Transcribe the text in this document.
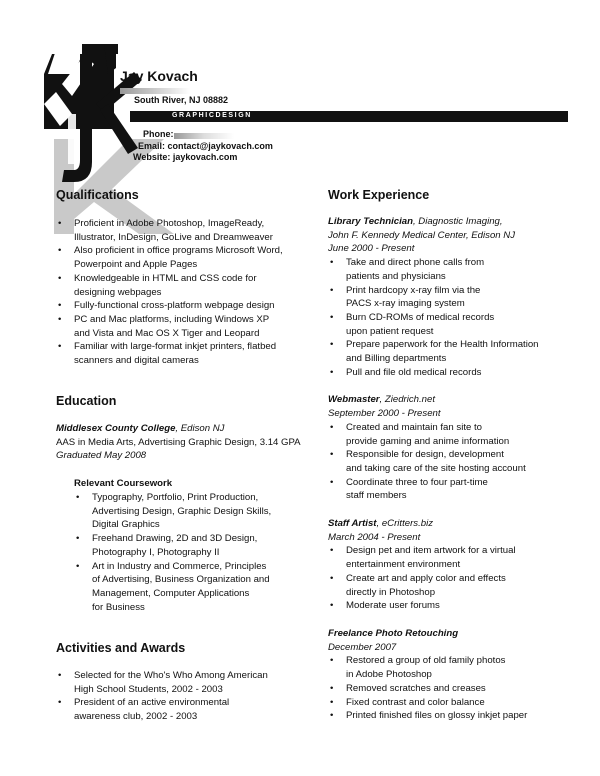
Jay Kovach
South River, NJ 08882
GRAPHICDESIGN
Phone:
Email: contact@jaykovach.com
Website: jaykovach.com
Qualifications
• Proficient in Adobe Photoshop, ImageReady,
Illustrator, InDesign, GoLive and Dreamweaver
• Also proficient in office programs Microsoft Word,
Powerpoint and Apple Pages
• Knowledgeable in HTML and CSS code for
designing webpages
• Fully-functional cross-platform webpage design
• PC and Mac platforms, including Windows XP
and Vista and Mac OS X Tiger and Leopard
• Familiar with large-format inkjet printers, flatbed
scanners and digital cameras
Education
Middlesex County College, Edison NJ
AAS in Media Arts, Advertising Graphic Design, 3.14 GPA
Graduated May 2008
Relevant Coursework
• Typography, Portfolio, Print Production,
Advertising Design, Graphic Design Skills,
Digital Graphics
• Freehand Drawing, 2D and 3D Design,
Photography I, Photography II
• Art in Industry and Commerce, Principles
of Advertising, Business Organization and
Management, Computer Applications
for Business
Activities and Awards
• Selected for the Who's Who Among American
High School Students, 2002 - 2003
• President of an active environmental
awareness club, 2002 - 2003
Work Experience
Library Technician, Diagnostic Imaging,
John F. Kennedy Medical Center, Edison NJ
June 2000 - Present
• Take and direct phone calls from
patients and physicians
• Print hardcopy x-ray film via the
PACS x-ray imaging system
• Burn CD-ROMs of medical records
upon patient request
• Prepare paperwork for the Health Information
and Billing departments
• Pull and file old medical records
Webmaster, Ziedrich.net
September 2000 - Present
• Created and maintain fan site to
provide gaming and anime information
• Responsible for design, development
and taking care of the site hosting account
• Coordinate three to four part-time
staff members
Staff Artist, eCritters.biz
March 2004 - Present
• Design pet and item artwork for a virtual
entertainment environment
• Create art and apply color and effects
directly in Photoshop
• Moderate user forums
Freelance Photo Retouching
December 2007
• Restored a group of old family photos
in Adobe Photoshop
• Removed scratches and creases
• Fixed contrast and color balance
• Printed finished files on glossy inkjet paper
